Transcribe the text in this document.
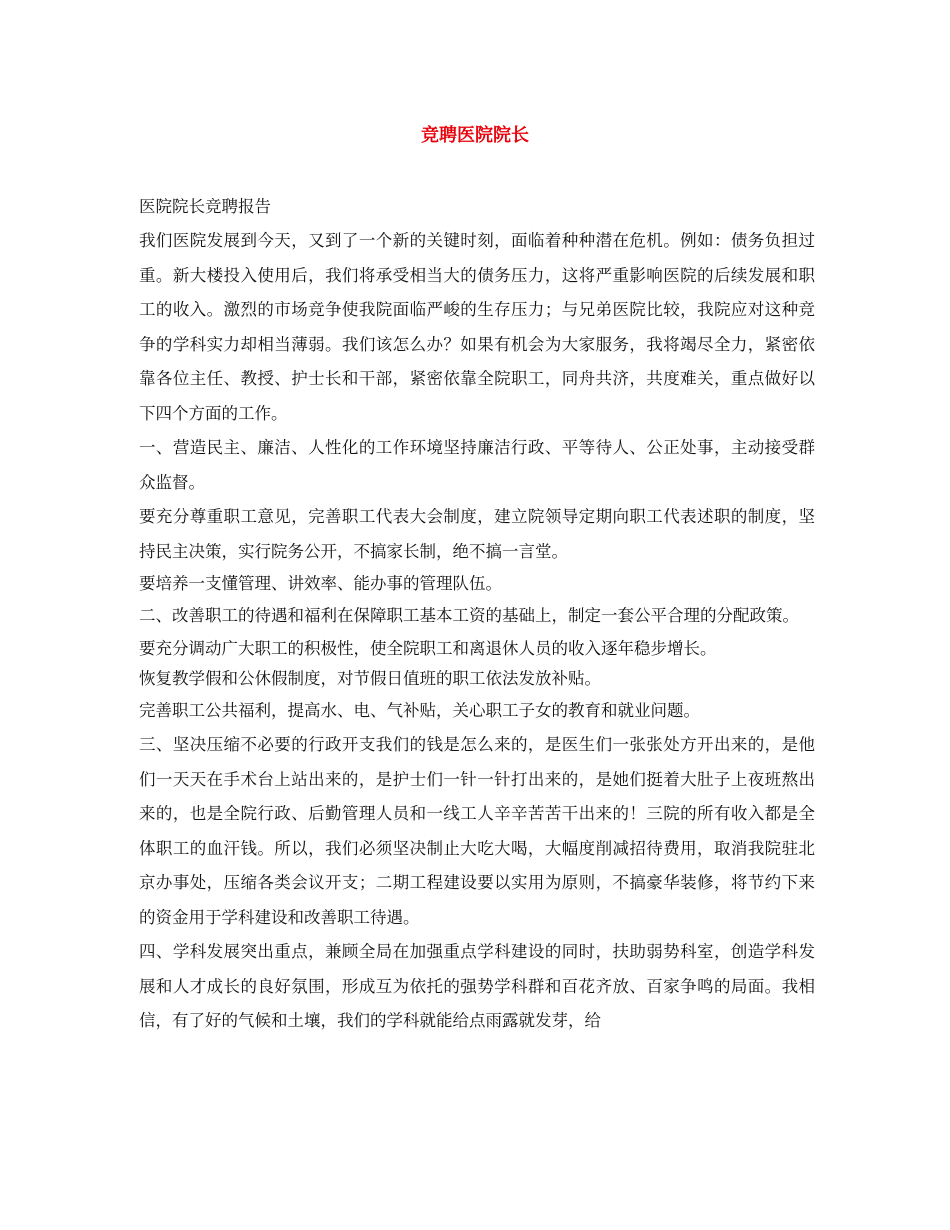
竞聘医院院长

医院院长竞聘报告

我们医院发展到今天，又到了一个新的关键时刻，面临着种种潜在危机。例如：债务负担过重。新大楼投入使用后，我们将承受相当大的债务压力，这将严重影响医院的后续发展和职工的收入。激烈的市场竞争使我院面临严峻的生存压力；与兄弟医院比较，我院应对这种竞争的学科实力却相当薄弱。我们该怎么办？如果有机会为大家服务，我将竭尽全力，紧密依靠各位主任、教授、护士长和干部，紧密依靠全院职工，同舟共济，共度难关，重点做好以下四个方面的工作。

一、营造民主、廉洁、人性化的工作环境坚持廉洁行政、平等待人、公正处事，主动接受群众监督。

要充分尊重职工意见，完善职工代表大会制度，建立院领导定期向职工代表述职的制度，坚持民主决策，实行院务公开，不搞家长制，绝不搞一言堂。

要培养一支懂管理、讲效率、能办事的管理队伍。

二、改善职工的待遇和福利在保障职工基本工资的基础上，制定一套公平合理的分配政策。

要充分调动广大职工的积极性，使全院职工和离退休人员的收入逐年稳步增长。

恢复教学假和公休假制度，对节假日值班的职工依法发放补贴。

完善职工公共福利，提高水、电、气补贴，关心职工子女的教育和就业问题。

三、坚决压缩不必要的行政开支我们的钱是怎么来的，是医生们一张张处方开出来的，是他们一天天在手术台上站出来的，是护士们一针一针打出来的，是她们挺着大肚子上夜班熬出来的，也是全院行政、后勤管理人员和一线工人辛辛苦苦干出来的！三院的所有收入都是全体职工的血汗钱。所以，我们必须坚决制止大吃大喝，大幅度削减招待费用，取消我院驻北京办事处，压缩各类会议开支；二期工程建设要以实用为原则，不搞豪华装修，将节约下来的资金用于学科建设和改善职工待遇。

四、学科发展突出重点，兼顾全局在加强重点学科建设的同时，扶助弱势科室，创造学科发展和人才成长的良好氛围，形成互为依托的强势学科群和百花齐放、百家争鸣的局面。我相信，有了好的气候和土壤，我们的学科就能给点雨露就发芽，给
